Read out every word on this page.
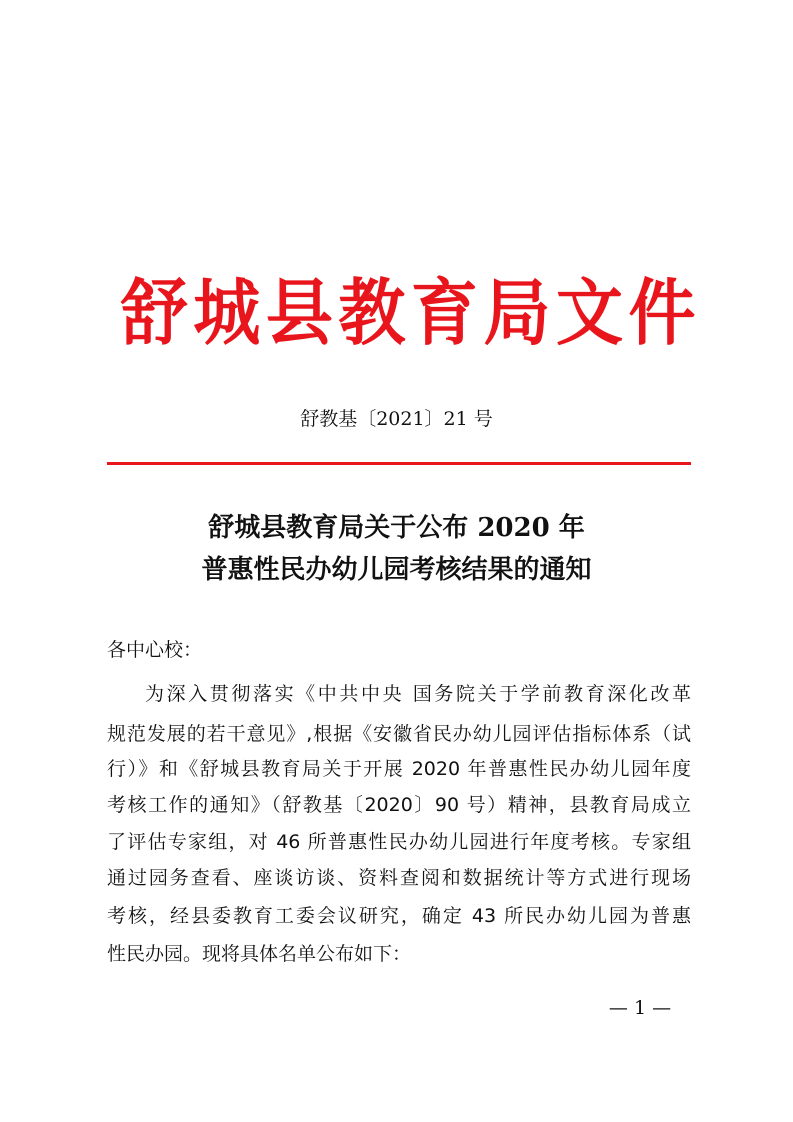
舒城县教育局文件
舒教基〔2021〕21 号
舒城县教育局关于公布 2020 年
普惠性民办幼儿园考核结果的通知
各中心校：
为深入贯彻落实《中共中央 国务院关于学前教育深化改革
规范发展的若干意见》,根据《安徽省民办幼儿园评估指标体系（试
行）》和《舒城县教育局关于开展 2020 年普惠性民办幼儿园年度
考核工作的通知》（舒教基〔2020〕90 号）精神，县教育局成立
了评估专家组，对 46 所普惠性民办幼儿园进行年度考核。专家组
通过园务查看、座谈访谈、资料查阅和数据统计等方式进行现场
考核，经县委教育工委会议研究，确定 43 所民办幼儿园为普惠
性民办园。现将具体名单公布如下：
— 1 —
